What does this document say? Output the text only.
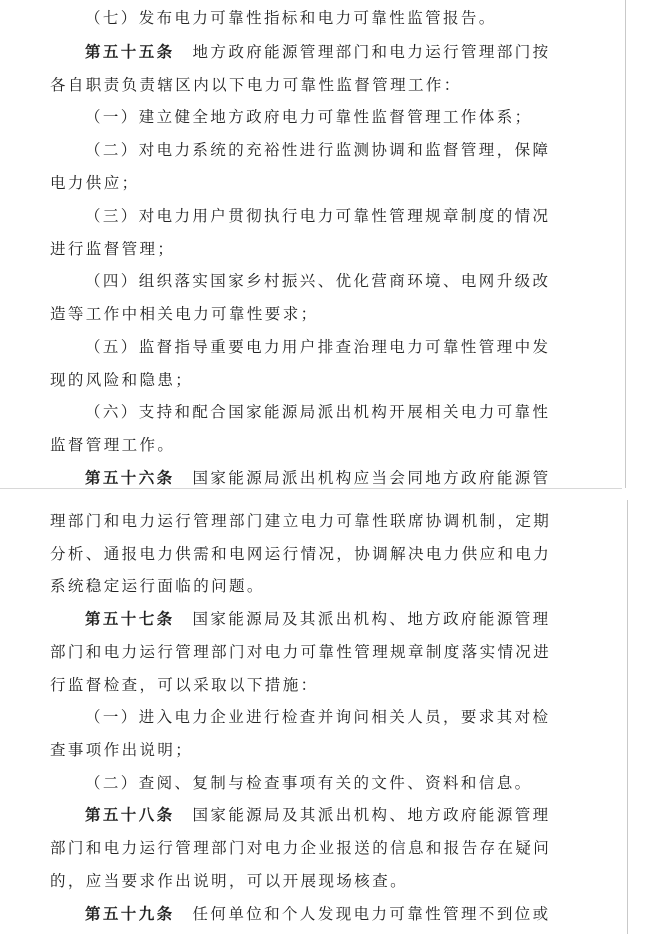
（七）发布电力可靠性指标和电力可靠性监管报告。
第五十五条 地方政府能源管理部门和电力运行管理部门按
各自职责负责辖区内以下电力可靠性监督管理工作：
（一）建立健全地方政府电力可靠性监督管理工作体系；
（二）对电力系统的充裕性进行监测协调和监督管理，保障
电力供应；
（三）对电力用户贯彻执行电力可靠性管理规章制度的情况
进行监督管理；
（四）组织落实国家乡村振兴、优化营商环境、电网升级改
造等工作中相关电力可靠性要求；
（五）监督指导重要电力用户排查治理电力可靠性管理中发
现的风险和隐患；
（六）支持和配合国家能源局派出机构开展相关电力可靠性
监督管理工作。
第五十六条 国家能源局派出机构应当会同地方政府能源管
理部门和电力运行管理部门建立电力可靠性联席协调机制，定期
分析、通报电力供需和电网运行情况，协调解决电力供应和电力
系统稳定运行面临的问题。
第五十七条 国家能源局及其派出机构、地方政府能源管理
部门和电力运行管理部门对电力可靠性管理规章制度落实情况进
行监督检查，可以采取以下措施：
（一）进入电力企业进行检查并询问相关人员，要求其对检
查事项作出说明；
（二）查阅、复制与检查事项有关的文件、资料和信息。
第五十八条 国家能源局及其派出机构、地方政府能源管理
部门和电力运行管理部门对电力企业报送的信息和报告存在疑问
的，应当要求作出说明，可以开展现场核查。
第五十九条 任何单位和个人发现电力可靠性管理不到位或
